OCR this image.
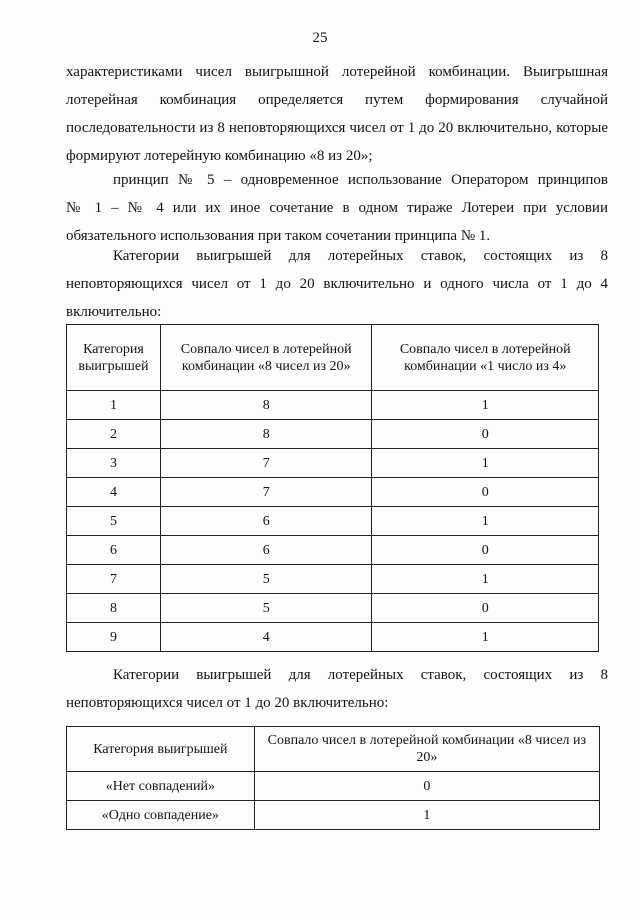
25

характеристиками чисел выигрышной лотерейной комбинации. Выигрышная
лотерейная комбинация определяется путем формирования случайной
последовательности из 8 неповторяющихся чисел от 1 до 20 включительно, которые
формируют лотерейную комбинацию «8 из 20»;

принцип № 5 – одновременное использование Оператором принципов
№ 1 – № 4 или их иное сочетание в одном тираже Лотереи при условии
обязательного использования при таком сочетании принципа № 1.

Категории выигрышей для лотерейных ставок, состоящих из 8
неповторяющихся чисел от 1 до 20 включительно и одного числа от 1 до 4
включительно:

Категория выигрышей	Совпало чисел в лотерейной комбинации «8 чисел из 20»	Совпало чисел в лотерейной комбинации «1 число из 4»
1	8	1
2	8	0
3	7	1
4	7	0
5	6	1
6	6	0
7	5	1
8	5	0
9	4	1

Категории выигрышей для лотерейных ставок, состоящих из 8
неповторяющихся чисел от 1 до 20 включительно:

Категория выигрышей	Совпало чисел в лотерейной комбинации «8 чисел из 20»
«Нет совпадений»	0
«Одно совпадение»	1
